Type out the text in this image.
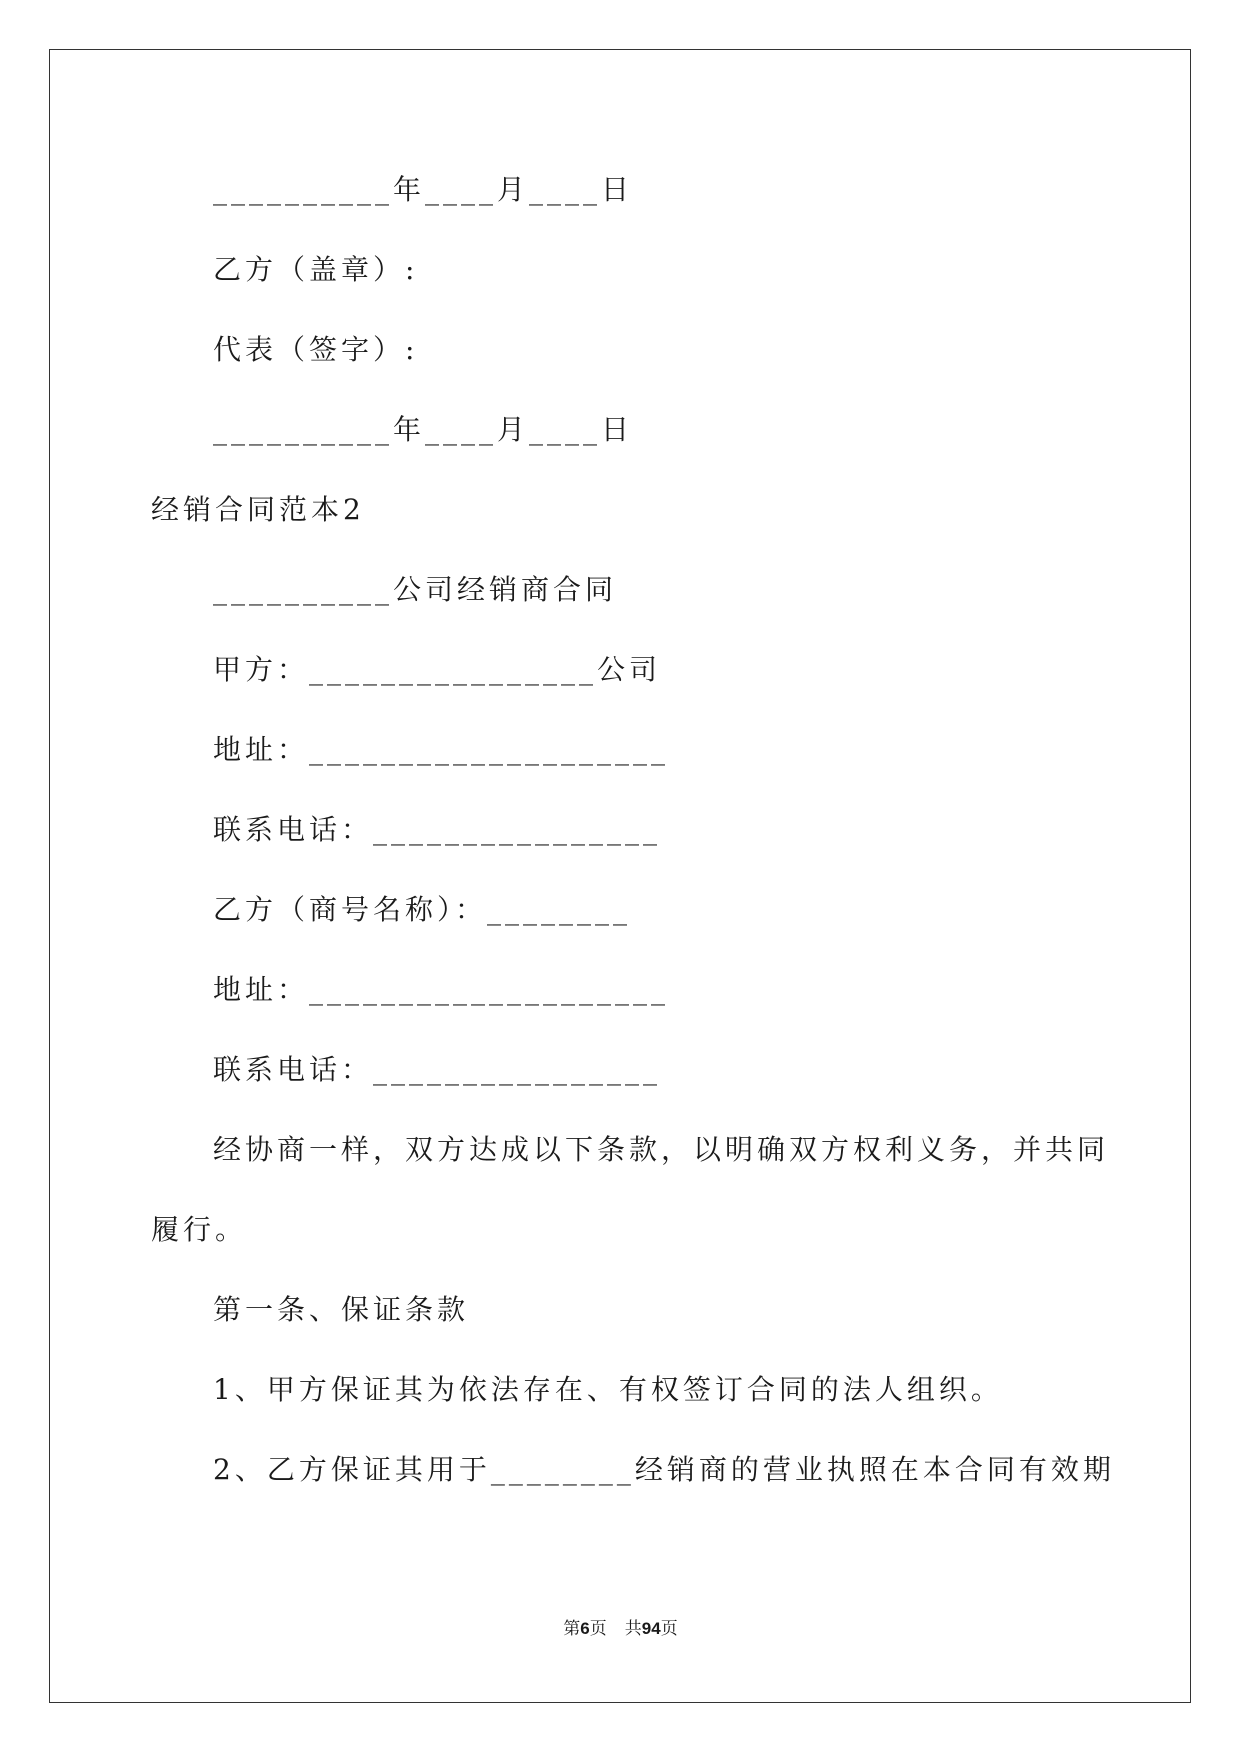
__________年____月____日
乙方（盖章）:
代表（签字）:
__________年____月____日
经销合同范本2
__________公司经销商合同
甲方：________________公司
地址：____________________
联系电话：________________
乙方（商号名称）：________
地址：____________________
联系电话：________________
经协商一样，双方达成以下条款，以明确双方权利义务，并共同
履行。
第一条、保证条款
1、甲方保证其为依法存在、有权签订合同的法人组织。
2、乙方保证其用于________经销商的营业执照在本合同有效期
第6页 共94页
